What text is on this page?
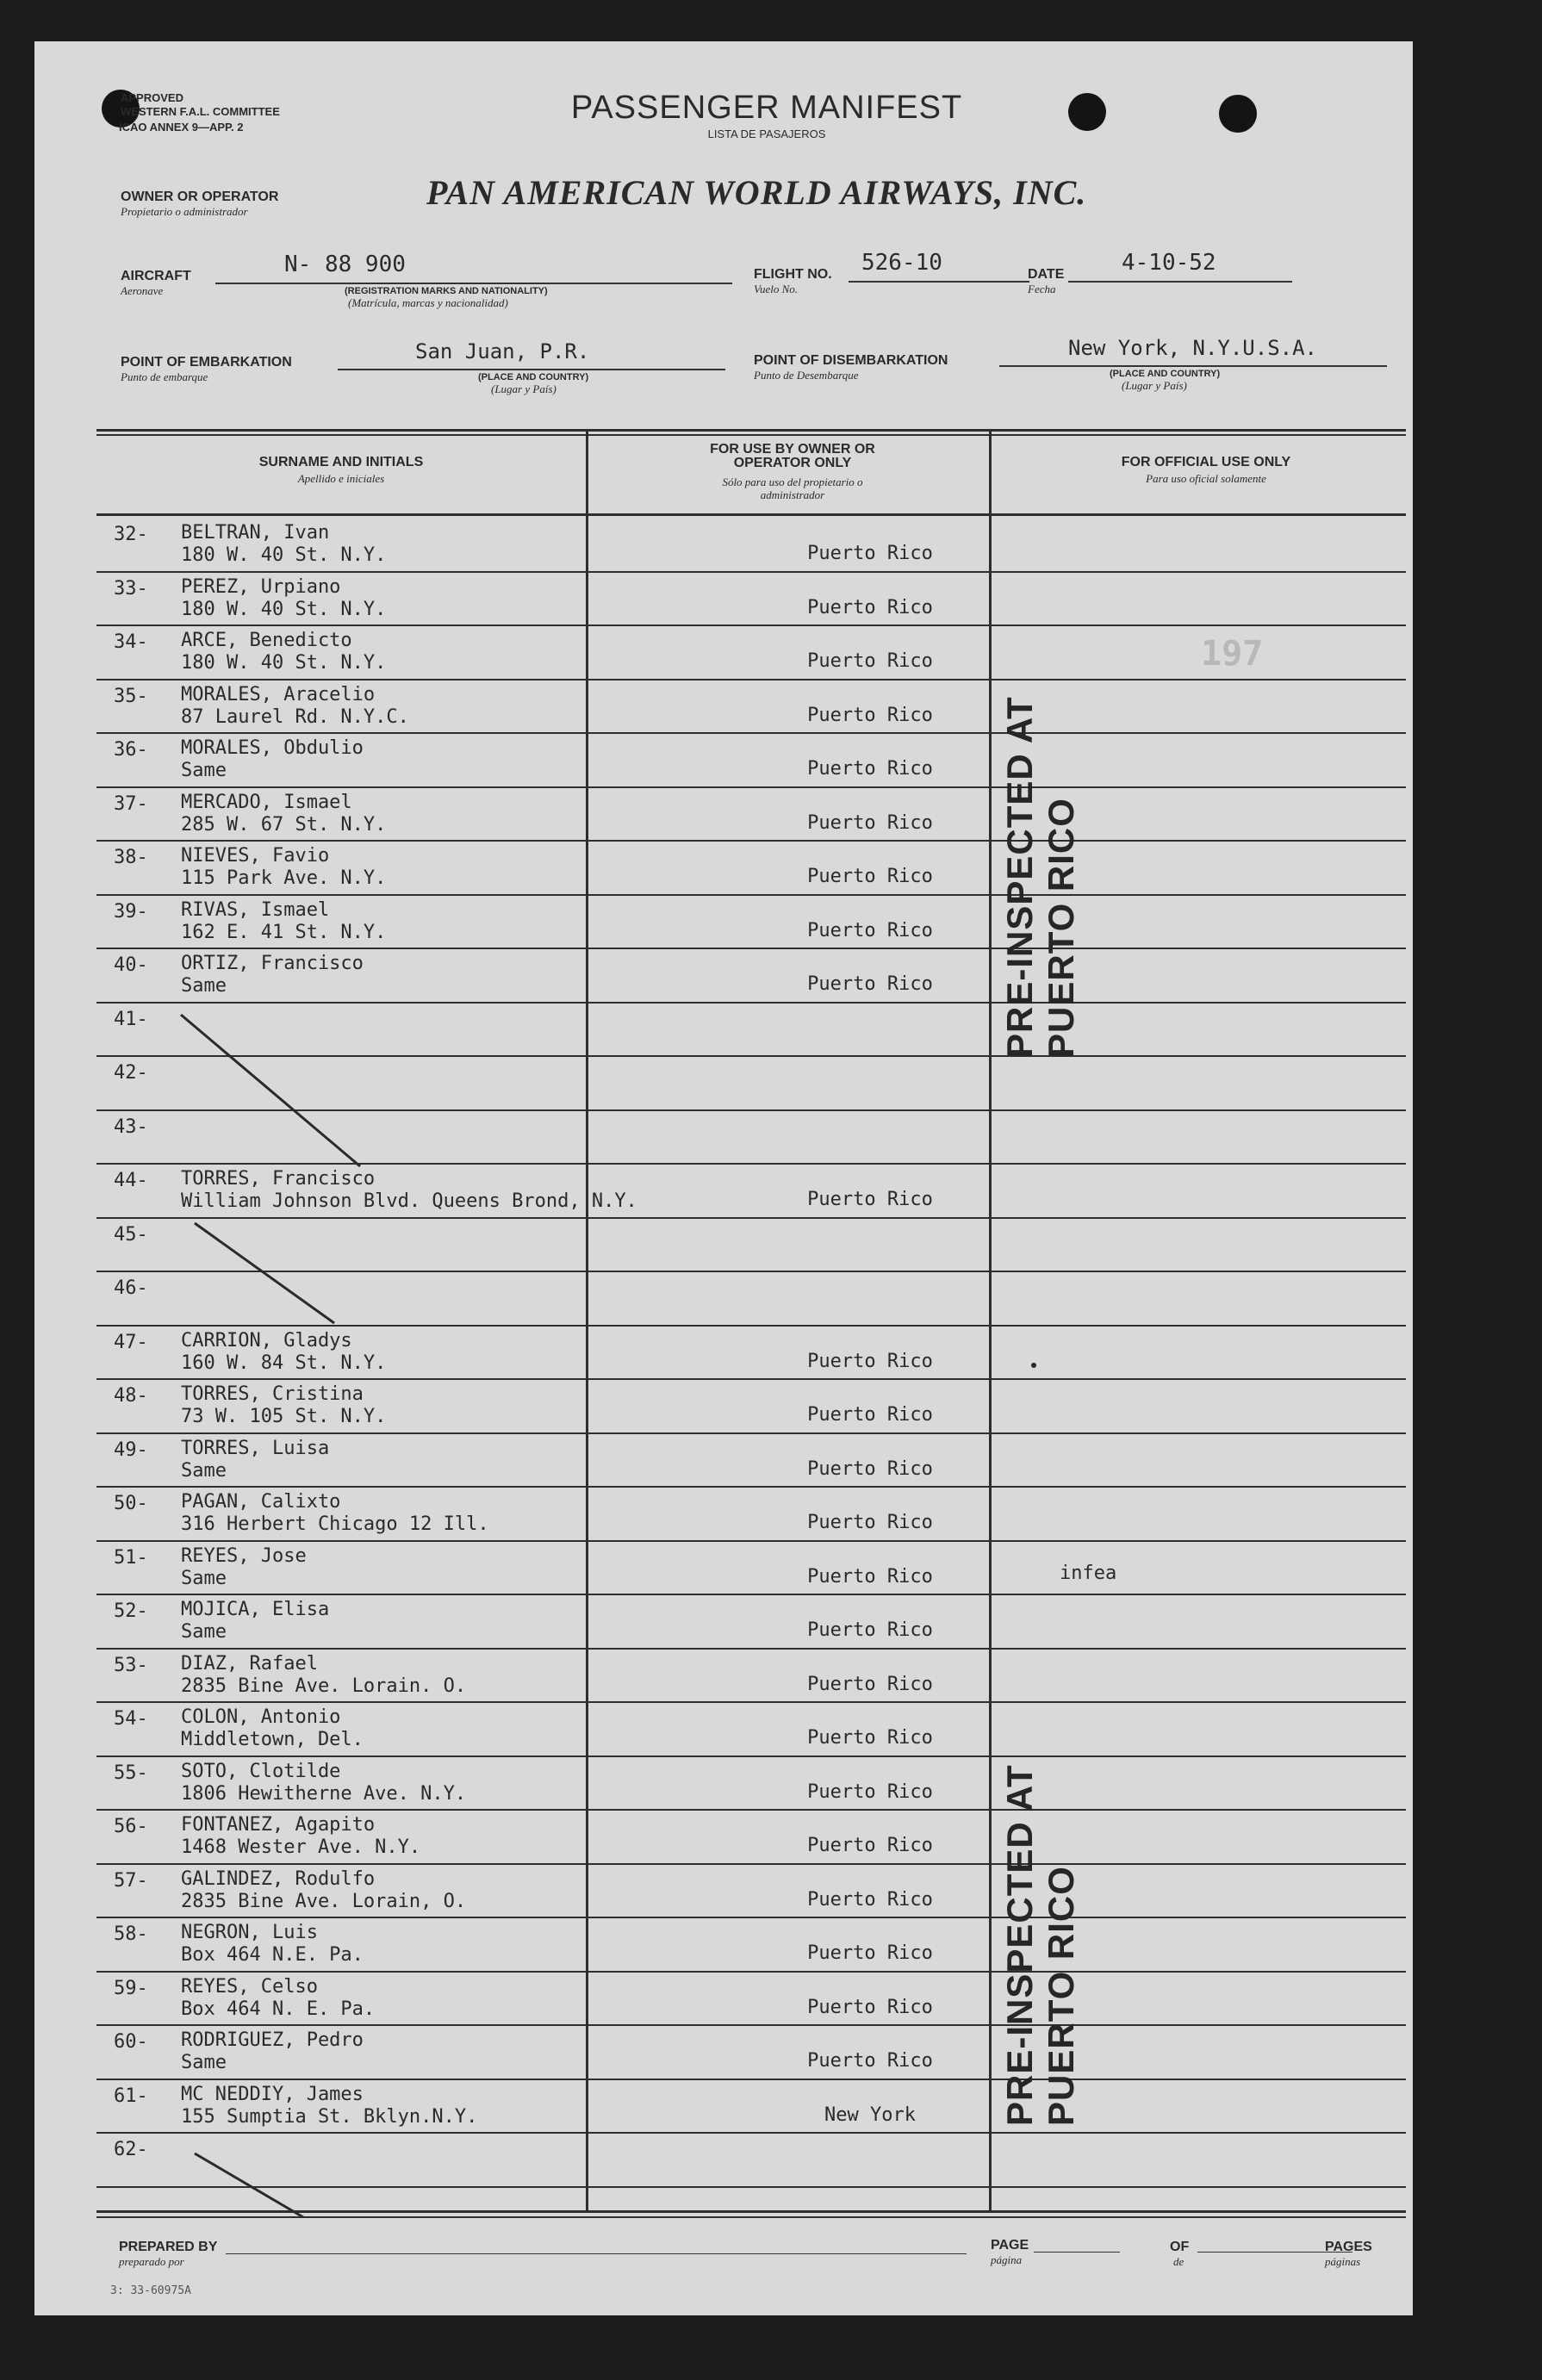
APPROVED
WESTERN F.A.L. COMMITTEE
ICAO ANNEX 9—APP. 2
PASSENGER MANIFEST
LISTA DE PASAJEROS
OWNER OR OPERATOR
Propietario o administrador	PAN AMERICAN WORLD AIRWAYS, INC.
AIRCRAFT
Aeronave
N- 88 900
(REGISTRATION MARKS AND NATIONALITY)
(Matrícula, marcas y nacionalidad)
FLIGHT NO.
Vuelo No.
526-10	DATE
Fecha
4-10-52
POINT OF EMBARKATION
Punto de embarque
San Juan, P.R.
(PLACE AND COUNTRY)
(Lugar y País)
POINT OF DISEMBARKATION
Punto de Desembarque
New York, N.Y.U.S.A.
(PLACE AND COUNTRY)
(Lugar y País)
SURNAME AND INITIALS
Apellido e iniciales
FOR USE BY OWNER OR OPERATOR ONLY
Sólo para uso del propietario o administrador
FOR OFFICIAL USE ONLY
Para uso oficial solamente
32- BELTRAN, Ivan
180 W. 40 St. N.Y.	Puerto Rico
33- PEREZ, Urpiano
180 W. 40 St. N.Y.	Puerto Rico
34- ARCE, Benedicto
180 W. 40 St. N.Y.	Puerto Rico
35- MORALES, Aracelio
87 Laurel Rd. N.Y.C.	Puerto Rico
36- MORALES, Obdulio
Same	Puerto Rico
37- MERCADO, Ismael
285 W. 67 St. N.Y.	Puerto Rico
38- NIEVES, Favio
115 Park Ave. N.Y.	Puerto Rico
39- RIVAS, Ismael
162 E. 41 St. N.Y.	Puerto Rico
40- ORTIZ, Francisco
Same	Puerto Rico
41-
42-
43-
44- TORRES, Francisco
William Johnson Blvd. Queens Brond, N.Y.	Puerto Rico
45-
46-
47- CARRION, Gladys
160 W. 84 St. N.Y.	Puerto Rico
48- TORRES, Cristina
73 W. 105 St. N.Y.	Puerto Rico
49- TORRES, Luisa
Same	Puerto Rico
50- PAGAN, Calixto
316 Herbert Chicago 12 Ill.	Puerto Rico
51- REYES, Jose
Same	Puerto Rico	infea
52- MOJICA, Elisa
Same	Puerto Rico
53- DIAZ, Rafael
2835 Bine Ave. Lorain. O.	Puerto Rico
54- COLON, Antonio
Middletown, Del.	Puerto Rico
55- SOTO, Clotilde
1806 Hewitherne Ave. N.Y.	Puerto Rico
56- FONTANEZ, Agapito
1468 Wester Ave. N.Y.	Puerto Rico
57- GALINDEZ, Rodulfo
2835 Bine Ave. Lorain, O.	Puerto Rico
58- NEGRON, Luis
Box 464 N.E. Pa.	Puerto Rico
59- REYES, Celso
Box 464 N. E. Pa.	Puerto Rico
60- RODRIGUEZ, Pedro
Same	Puerto Rico
61- MC NEDDIY, James
155 Sumptia St. Bklyn.N.Y.	New York
62-
197
PRE-INSPECTED AT PUERTO RICO
PRE-INSPECTED AT PUERTO RICO
PREPARED BY
preparado por
PAGE
página
OF
de
PAGES
páginas
3: 33-60975A
